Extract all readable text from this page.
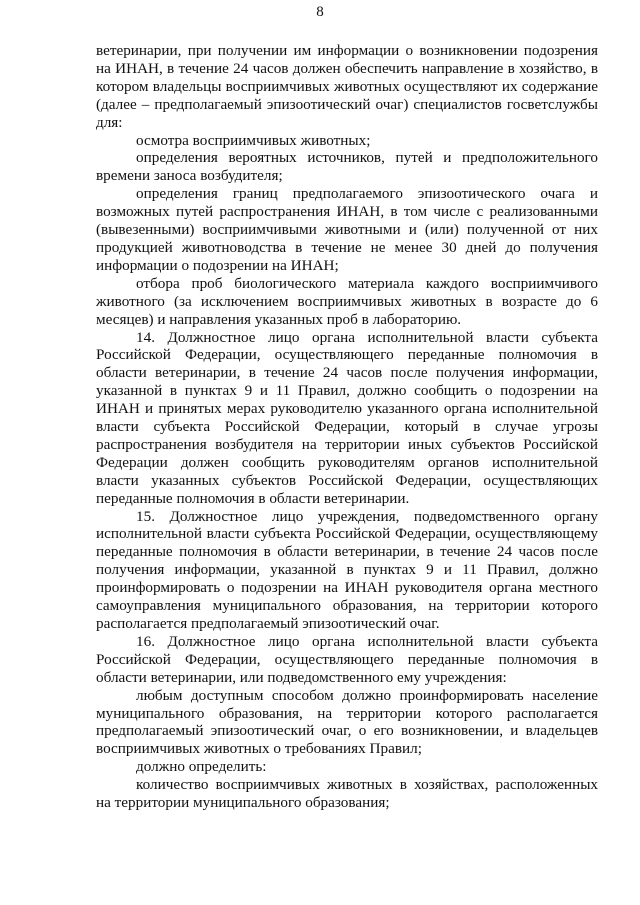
8

ветеринарии, при получении им информации о возникновении подозрения на ИНАН, в течение 24 часов должен обеспечить направление в хозяйство, в котором владельцы восприимчивых животных осуществляют их содержание (далее – предполагаемый эпизоотический очаг) специалистов госветслужбы для:

осмотра восприимчивых животных;

определения вероятных источников, путей и предположительного времени заноса возбудителя;

определения границ предполагаемого эпизоотического очага и возможных путей распространения ИНАН, в том числе с реализованными (вывезенными) восприимчивыми животными и (или) полученной от них продукцией животноводства в течение не менее 30 дней до получения информации о подозрении на ИНАН;

отбора проб биологического материала каждого восприимчивого животного (за исключением восприимчивых животных в возрасте до 6 месяцев) и направления указанных проб в лабораторию.

14. Должностное лицо органа исполнительной власти субъекта Российской Федерации, осуществляющего переданные полномочия в области ветеринарии, в течение 24 часов после получения информации, указанной в пунктах 9 и 11 Правил, должно сообщить о подозрении на ИНАН и принятых мерах руководителю указанного органа исполнительной власти субъекта Российской Федерации, который в случае угрозы распространения возбудителя на территории иных субъектов Российской Федерации должен сообщить руководителям органов исполнительной власти указанных субъектов Российской Федерации, осуществляющих переданные полномочия в области ветеринарии.

15. Должностное лицо учреждения, подведомственного органу исполнительной власти субъекта Российской Федерации, осуществляющему переданные полномочия в области ветеринарии, в течение 24 часов после получения информации, указанной в пунктах 9 и 11 Правил, должно проинформировать о подозрении на ИНАН руководителя органа местного самоуправления муниципального образования, на территории которого располагается предполагаемый эпизоотический очаг.

16. Должностное лицо органа исполнительной власти субъекта Российской Федерации, осуществляющего переданные полномочия в области ветеринарии, или подведомственного ему учреждения:

любым доступным способом должно проинформировать население муниципального образования, на территории которого располагается предполагаемый эпизоотический очаг, о его возникновении, и владельцев восприимчивых животных о требованиях Правил;

должно определить:

количество восприимчивых животных в хозяйствах, расположенных на территории муниципального образования;
